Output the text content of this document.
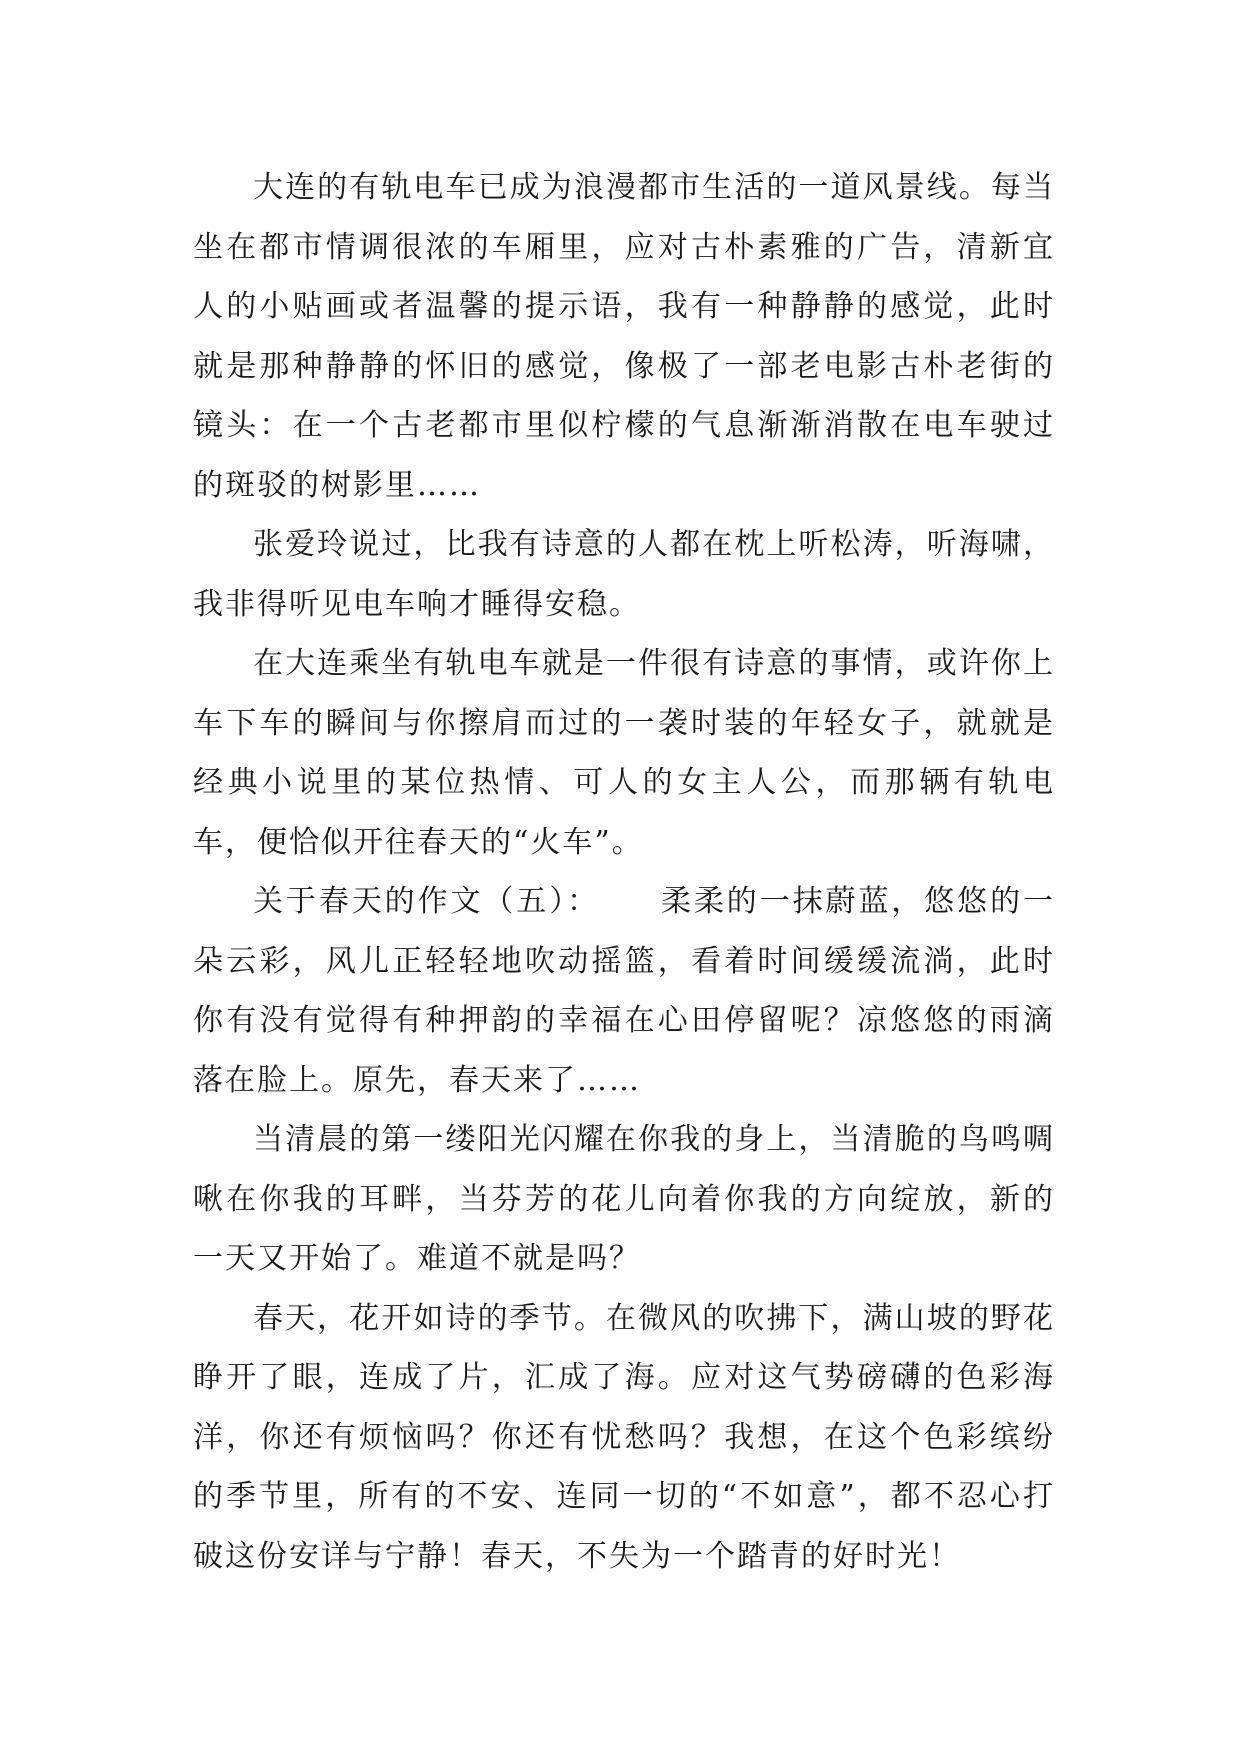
大连的有轨电车已成为浪漫都市生活的一道风景线。每当坐在都市情调很浓的车厢里，应对古朴素雅的广告，清新宜人的小贴画或者温馨的提示语，我有一种静静的感觉，此时就是那种静静的怀旧的感觉，像极了一部老电影古朴老街的镜头：在一个古老都市里似柠檬的气息渐渐消散在电车驶过的斑驳的树影里……

张爱玲说过，比我有诗意的人都在枕上听松涛，听海啸，我非得听见电车响才睡得安稳。

在大连乘坐有轨电车就是一件很有诗意的事情，或许你上车下车的瞬间与你擦肩而过的一袭时装的年轻女子，就就是经典小说里的某位热情、可人的女主人公，而那辆有轨电车，便恰似开往春天的“火车”。

关于春天的作文（五）： 柔柔的一抹蔚蓝，悠悠的一朵云彩，风儿正轻轻地吹动摇篮，看着时间缓缓流淌，此时你有没有觉得有种押韵的幸福在心田停留呢？凉悠悠的雨滴落在脸上。原先，春天来了……

当清晨的第一缕阳光闪耀在你我的身上，当清脆的鸟鸣啁啾在你我的耳畔，当芬芳的花儿向着你我的方向绽放，新的一天又开始了。难道不就是吗？

春天，花开如诗的季节。在微风的吹拂下，满山坡的野花睁开了眼，连成了片，汇成了海。应对这气势磅礴的色彩海洋，你还有烦恼吗？你还有忧愁吗？我想，在这个色彩缤纷的季节里，所有的不安、连同一切的“不如意”，都不忍心打破这份安详与宁静！春天，不失为一个踏青的好时光！
